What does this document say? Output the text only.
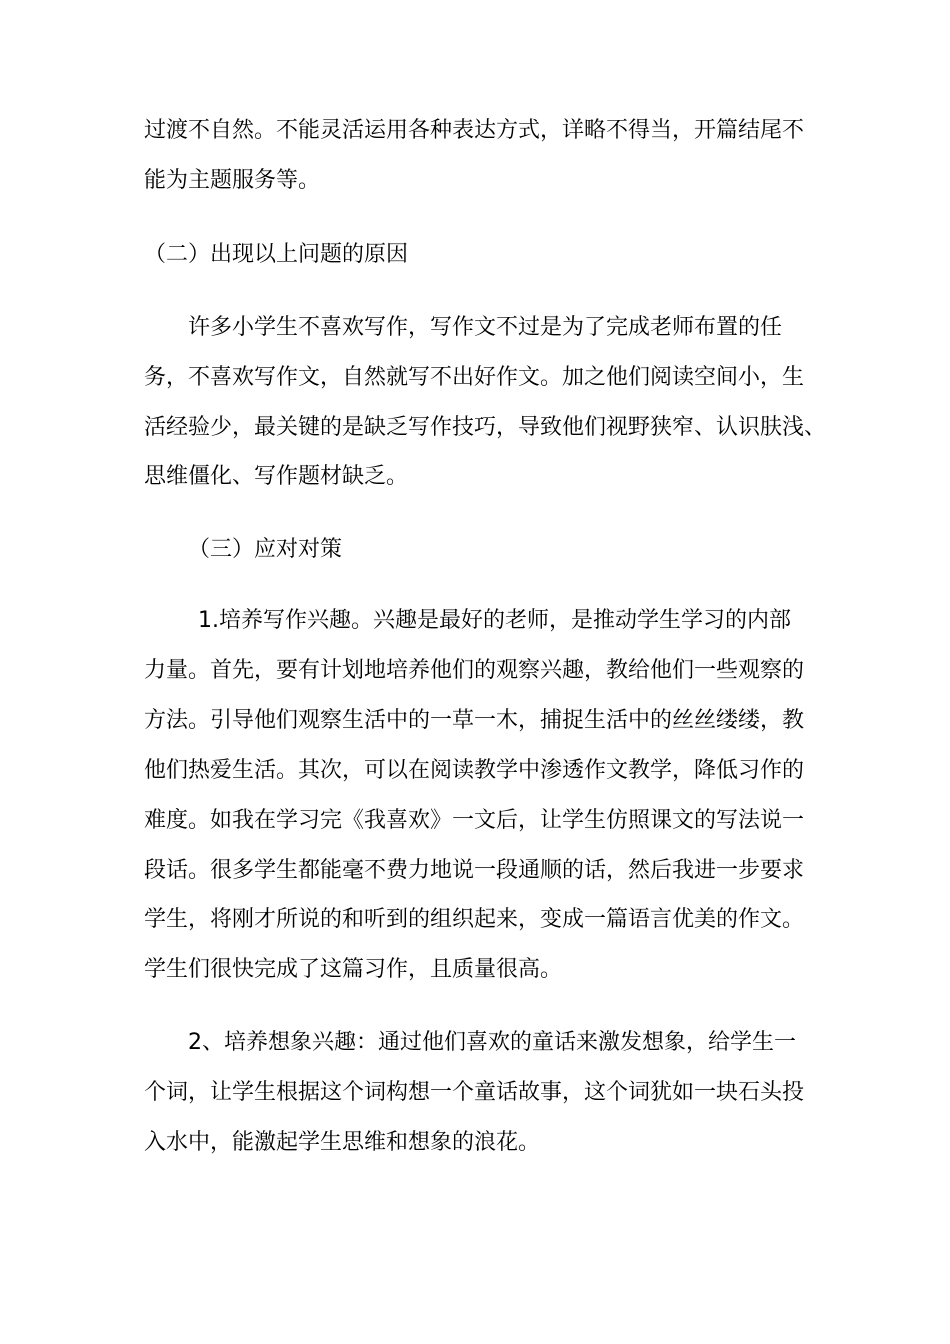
过渡不自然。不能灵活运用各种表达方式，详略不得当，开篇结尾不
能为主题服务等。
（二）出现以上问题的原因
许多小学生不喜欢写作，写作文不过是为了完成老师布置的任
务，不喜欢写作文，自然就写不出好作文。加之他们阅读空间小，生
活经验少，最关键的是缺乏写作技巧，导致他们视野狭窄、认识肤浅、
思维僵化、写作题材缺乏。
（三）应对对策
1.培养写作兴趣。兴趣是最好的老师，是推动学生学习的内部
力量。首先，要有计划地培养他们的观察兴趣，教给他们一些观察的
方法。引导他们观察生活中的一草一木，捕捉生活中的丝丝缕缕，教
他们热爱生活。其次，可以在阅读教学中渗透作文教学，降低习作的
难度。如我在学习完《我喜欢》一文后，让学生仿照课文的写法说一
段话。很多学生都能毫不费力地说一段通顺的话，然后我进一步要求
学生，将刚才所说的和听到的组织起来，变成一篇语言优美的作文。
学生们很快完成了这篇习作，且质量很高。
2、培养想象兴趣：通过他们喜欢的童话来激发想象，给学生一
个词，让学生根据这个词构想一个童话故事，这个词犹如一块石头投
入水中，能激起学生思维和想象的浪花。
